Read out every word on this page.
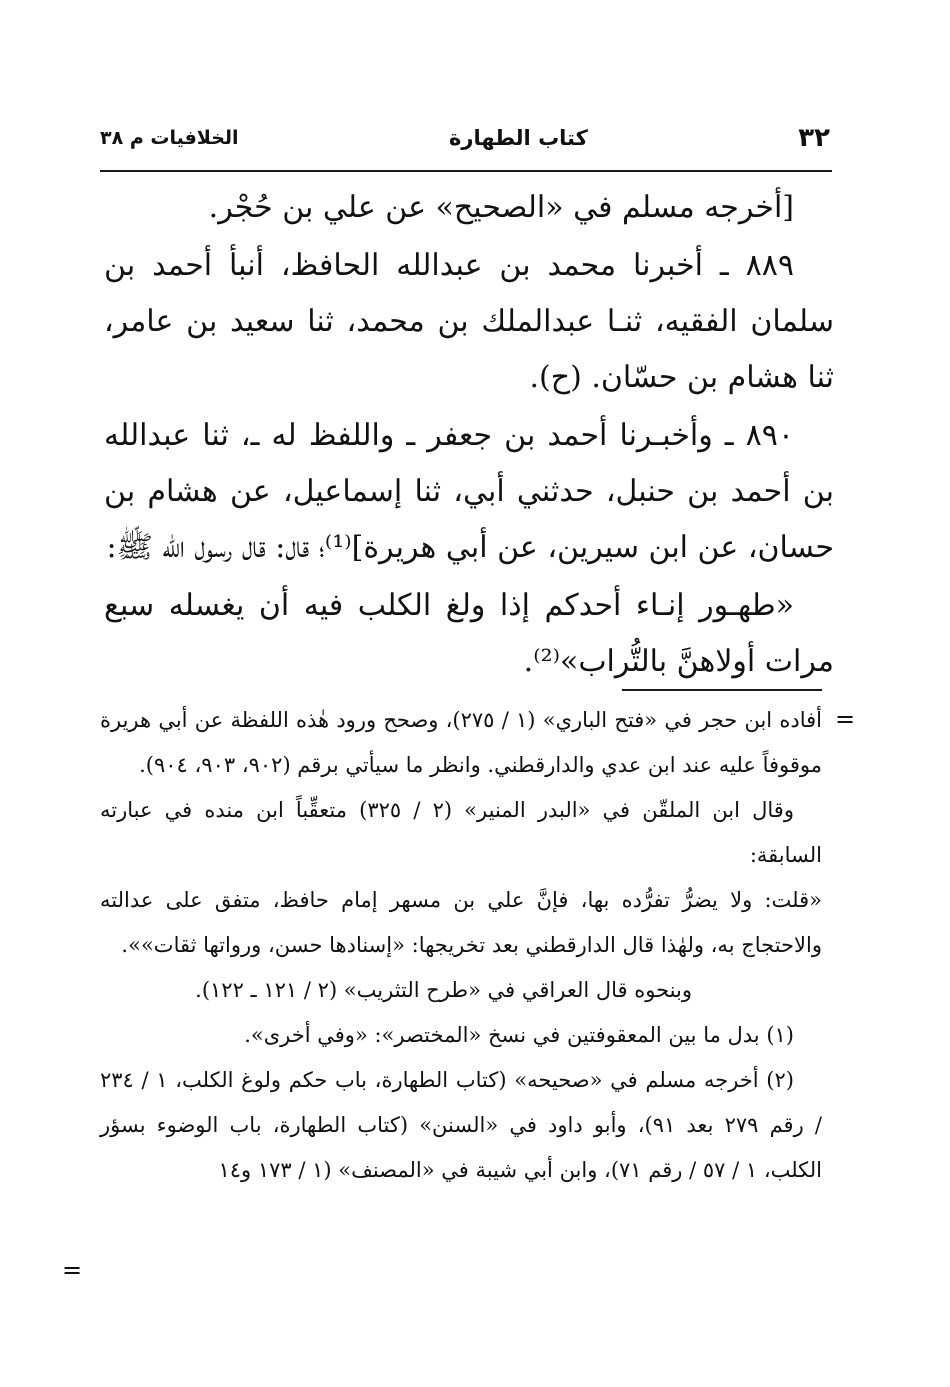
٣٢
كتاب الطهارة
الخلافيات م ٣٨

[أخرجه مسلم في «الصحيح» عن علي بن حُجْر.

٨٨٩ ـ أخبرنا محمد بن عبدالله الحافظ، أنبأ أحمد بن سلمان الفقيه، ثنـا عبدالملك بن محمد، ثنا سعيد بن عامر، ثنا هشام بن حسّان. (ح).

٨٩٠ ـ وأخبـرنا أحمد بن جعفر ـ واللفظ له ـ، ثنا عبدالله بن أحمد بن حنبل، حدثني أبي، ثنا إسماعيل، عن هشام بن حسان، عن ابن سيرين، عن أبي هريرة]⁽¹⁾؛ قال: قال رسول الله ﷺ:

«طهـور إنـاء أحدكم إذا ولغ الكلب فيه أن يغسله سبع مرات أولاهنَّ بالتُّراب»⁽²⁾.

=

أفاده ابن حجر في «فتح الباري» (١ / ٢٧٥)، وصحح ورود هٰذه اللفظة عن أبي هريرة موقوفاً عليه عند ابن عدي والدارقطني. وانظر ما سيأتي برقم (٩٠٢، ٩٠٣، ٩٠٤).

وقال ابن الملقّن في «البدر المنير» (٢ / ٣٢٥) متعقِّباً ابن منده في عبارته السابقة:

«قلت: ولا يضرُّ تفرُّده بها، فإنَّ علي بن مسهر إمام حافظ، متفق على عدالته والاحتجاج به، ولهٰذا قال الدارقطني بعد تخريجها: «إسنادها حسن، ورواتها ثقات»».

وبنحوه قال العراقي في «طرح التثريب» (٢ / ١٢١ ـ ١٢٢).

(١) بدل ما بين المعقوفتين في نسخ «المختصر»: «وفي أخرى».

(٢) أخرجه مسلم في «صحيحه» (كتاب الطهارة، باب حكم ولوغ الكلب، ١ / ٢٣٤ / رقم ٢٧٩ بعد ٩١)، وأبو داود في «السنن» (كتاب الطهارة، باب الوضوء بسؤر الكلب، ١ / ٥٧ / رقم ٧١)، وابن أبي شيبة في «المصنف» (١ / ١٧٣ و١٤

=
